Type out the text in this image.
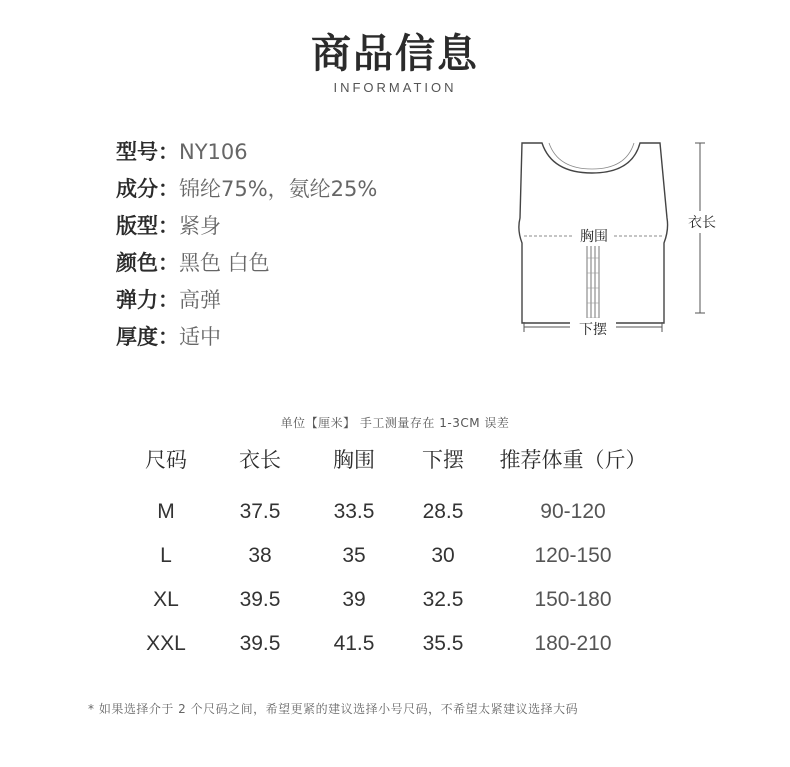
商品信息
INFORMATION
型号：NY106
成分：锦纶75%，氨纶25%
版型：紧身
颜色：黑色 白色
弹力：高弹
厚度：适中
胸围
下摆
衣长
单位【厘米】 手工测量存在 1-3CM 误差
尺码	衣长	胸围	下摆	推荐体重（斤）

M	37.5	33.5	28.5	90-120
L	38	35	30	120-150
XL	39.5	39	32.5	150-180
XXL	39.5	41.5	35.5	180-210
* 如果选择介于 2 个尺码之间，希望更紧的建议选择小号尺码，不希望太紧建议选择大码
